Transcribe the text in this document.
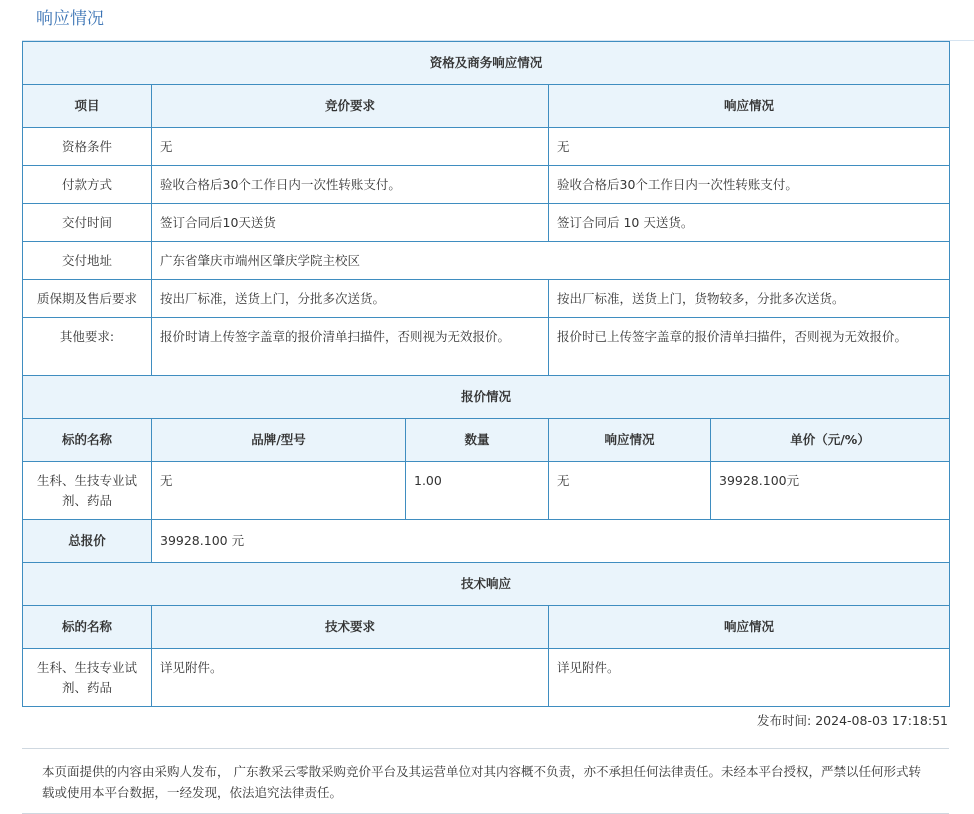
响应情况
资格及商务响应情况				
项目	竞价要求		响应情况	
资格条件	无		无	
付款方式	验收合格后30个工作日内一次性转账支付。		验收合格后30个工作日内一次性转账支付。	
交付时间	签订合同后10天送货		签订合同后 10 天送货。	
交付地址	广东省肇庆市端州区肇庆学院主校区			
质保期及售后要求	按出厂标准，送货上门，分批多次送货。		按出厂标准，送货上门，货物较多，分批多次送货。	
其他要求:	报价时请上传签字盖章的报价清单扫描件，否则视为无效报价。		报价时已上传签字盖章的报价清单扫描件，否则视为无效报价。	
报价情况				
标的名称	品牌/型号	数量	响应情况	单价（元/%）
生科、生技专业试剂、药品	无	1.00	无	39928.100元
总报价	39928.100 元			
技术响应				
标的名称	技术要求		响应情况	
生科、生技专业试剂、药品	详见附件。		详见附件。	
发布时间: 2024-08-03 17:18:51
本页面提供的内容由采购人发布， 广东教采云零散采购竞价平台及其运营单位对其内容概不负责，亦不承担任何法律责任。未经本平台授权，严禁以任何形式转载或使用本平台数据，一经发现，依法追究法律责任。
